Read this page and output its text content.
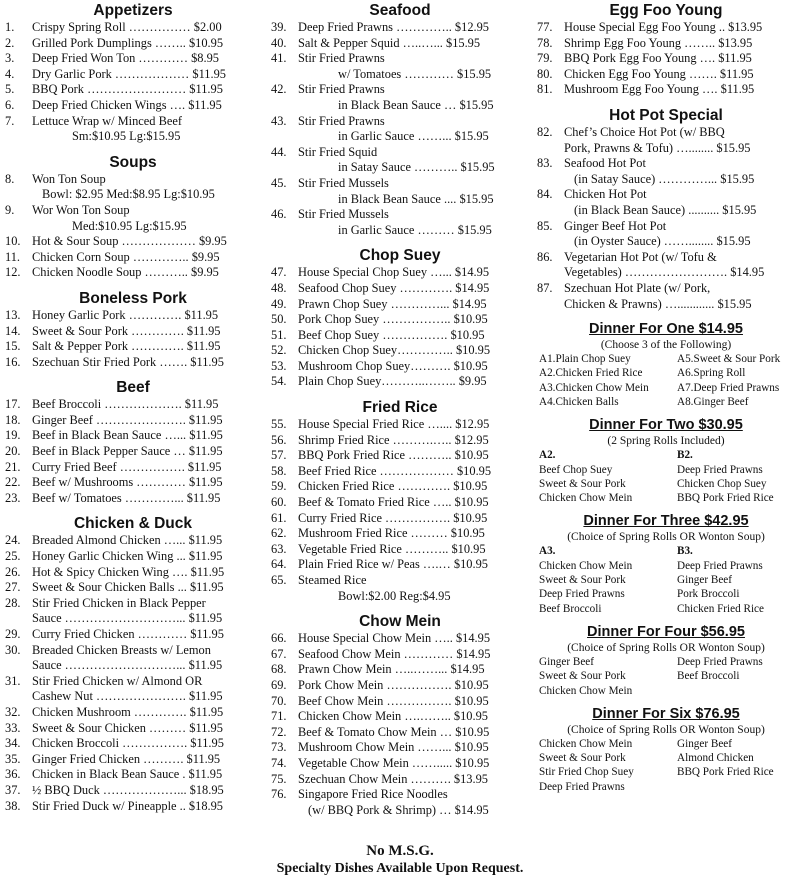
Appetizers
1.	Crispy Spring Roll …………… $2.00
2.	Grilled Pork Dumplings …….. $10.95
3.	Deep Fried Won Ton ………… $8.95
4.	Dry Garlic Pork ……………… $11.95
5.	BBQ Pork …………………… $11.95
6.	Deep Fried Chicken Wings …. $11.95
7.	Lettuce Wrap w/ Minced Beef
Sm:$10.95 Lg:$15.95
Soups
8.	Won Ton Soup
Bowl: $2.95 Med:$8.95 Lg:$10.95
9.	Wor Won Ton Soup
Med:$10.95 Lg:$15.95
10. Hot & Sour Soup ……………… $9.95
11. Chicken Corn Soup ………….. $9.95
12. Chicken Noodle Soup ……….. $9.95
Boneless Pork
13. Honey Garlic Pork …………. $11.95
14. Sweet & Sour Pork …………. $11.95
15. Salt & Pepper Pork …………. $11.95
16. Szechuan Stir Fried Pork ……. $11.95
Beef
17. Beef Broccoli ………………. $11.95
18. Ginger Beef …………………. $11.95
19. Beef in Black Bean Sauce …... $11.95
20. Beef in Black Pepper Sauce … $11.95
21. Curry Fried Beef ……………. $11.95
22. Beef w/ Mushrooms ………… $11.95
23. Beef w/ Tomatoes …………... $11.95
Chicken & Duck
24. Breaded Almond Chicken …... $11.95
25. Honey Garlic Chicken Wing ... $11.95
26. Hot & Spicy Chicken Wing …. $11.95
27. Sweet & Sour Chicken Balls ... $11.95
28. Stir Fried Chicken in Black Pepper
Sauce ………………………... $11.95
29. Curry Fried Chicken ………… $11.95
30. Breaded Chicken Breasts w/ Lemon
Sauce ………………………... $11.95
31. Stir Fried Chicken w/ Almond OR
Cashew Nut …………………. $11.95
32. Chicken Mushroom …………. $11.95
33. Sweet & Sour Chicken ……… $11.95
34. Chicken Broccoli ……………. $11.95
35. Ginger Fried Chicken ………. $11.95
36. Chicken in Black Bean Sauce . $11.95
37. ½ BBQ Duck ………………... $18.95
38. Stir Fried Duck w/ Pineapple .. $18.95
Seafood
39. Deep Fried Prawns ………….. $12.95
40. Salt & Pepper Squid …..…... $15.95
41. Stir Fried Prawns
w/ Tomatoes ………… $15.95
42. Stir Fried Prawns
in Black Bean Sauce … $15.95
43. Stir Fried Prawns
in Garlic Sauce ……... $15.95
44. Stir Fried Squid
in Satay Sauce ……….. $15.95
45. Stir Fried Mussels
in Black Bean Sauce .... $15.95
46. Stir Fried Mussels
in Garlic Sauce ……… $15.95
Chop Suey
47. House Special Chop Suey …... $14.95
48. Seafood Chop Suey …………. $14.95
49. Prawn Chop Suey …………... $14.95
50. Pork Chop Suey …………….. $10.95
51. Beef Chop Suey ……………. $10.95
52. Chicken Chop Suey………….. $10.95
53. Mushroom Chop Suey………. $10.95
54. Plain Chop Suey………..…….. $9.95
Fried Rice
55. House Special Fried Rice ….... $12.95
56. Shrimp Fried Rice ……….….. $12.95
57. BBQ Pork Fried Rice ……….. $10.95
58. Beef Fried Rice ……………… $10.95
59. Chicken Fried Rice …………. $10.95
60. Beef & Tomato Fried Rice ….. $10.95
61. Curry Fried Rice ……………. $10.95
62. Mushroom Fried Rice ……… $10.95
63. Vegetable Fried Rice ……….. $10.95
64. Plain Fried Rice w/ Peas ….… $10.95
65. Steamed Rice
Bowl:$2.00 Reg:$4.95
Chow Mein
66. House Special Chow Mein ….. $14.95
67. Seafood Chow Mein ………… $14.95
68. Prawn Chow Mein …..……... $14.95
69. Pork Chow Mein ……………. $10.95
70. Beef Chow Mein ……………. $10.95
71. Chicken Chow Mein ….…….. $10.95
72. Beef & Tomato Chow Mein … $10.95
73. Mushroom Chow Mein ……... $10.95
74. Vegetable Chow Mein ……..... $10.95
75. Szechuan Chow Mein ………. $13.95
76. Singapore Fried Rice Noodles
(w/ BBQ Pork & Shrimp) … $14.95
Egg Foo Young
77. House Special Egg Foo Young .. $13.95
78. Shrimp Egg Foo Young …….. $13.95
79. BBQ Pork Egg Foo Young …. $11.95
80. Chicken Egg Foo Young ……. $11.95
81. Mushroom Egg Foo Young …. $11.95
Hot Pot Special
82. Chef’s Choice Hot Pot (w/ BBQ
Pork, Prawns & Tofu) …........ $15.95
83. Seafood Hot Pot
(in Satay Sauce) …………... $15.95
84. Chicken Hot Pot
(in Black Bean Sauce) .......... $15.95
85. Ginger Beef Hot Pot
(in Oyster Sauce) ……........ $15.95
86. Vegetarian Hot Pot (w/ Tofu &
Vegetables) ……………………. $14.95
87. Szechuan Hot Plate (w/ Pork,
Chicken & Prawns) …............ $15.95
Dinner For One $14.95
(Choose 3 of the Following)
A1.Plain Chop Suey	A5.Sweet & Sour Pork
A2.Chicken Fried Rice	A6.Spring Roll
A3.Chicken Chow Mein	A7.Deep Fried Prawns
A4.Chicken Balls	A8.Ginger Beef
Dinner For Two $30.95
(2 Spring Rolls Included)
A2.	B2.
Beef Chop Suey	Deep Fried Prawns
Sweet & Sour Pork	Chicken Chop Suey
Chicken Chow Mein	BBQ Pork Fried Rice
Dinner For Three $42.95
(Choice of Spring Rolls OR Wonton Soup)
A3.	B3.
Chicken Chow Mein	Deep Fried Prawns
Sweet & Sour Pork	Ginger Beef
Deep Fried Prawns	Pork Broccoli
Beef Broccoli	Chicken Fried Rice
Dinner For Four $56.95
(Choice of Spring Rolls OR Wonton Soup)
Ginger Beef	Deep Fried Prawns
Sweet & Sour Pork	Beef Broccoli
Chicken Chow Mein
Dinner For Six $76.95
(Choice of Spring Rolls OR Wonton Soup)
Chicken Chow Mein	Ginger Beef
Sweet & Sour Pork	Almond Chicken
Stir Fried Chop Suey	BBQ Pork Fried Rice
Deep Fried Prawns
No M.S.G.
Specialty Dishes Available Upon Request.
